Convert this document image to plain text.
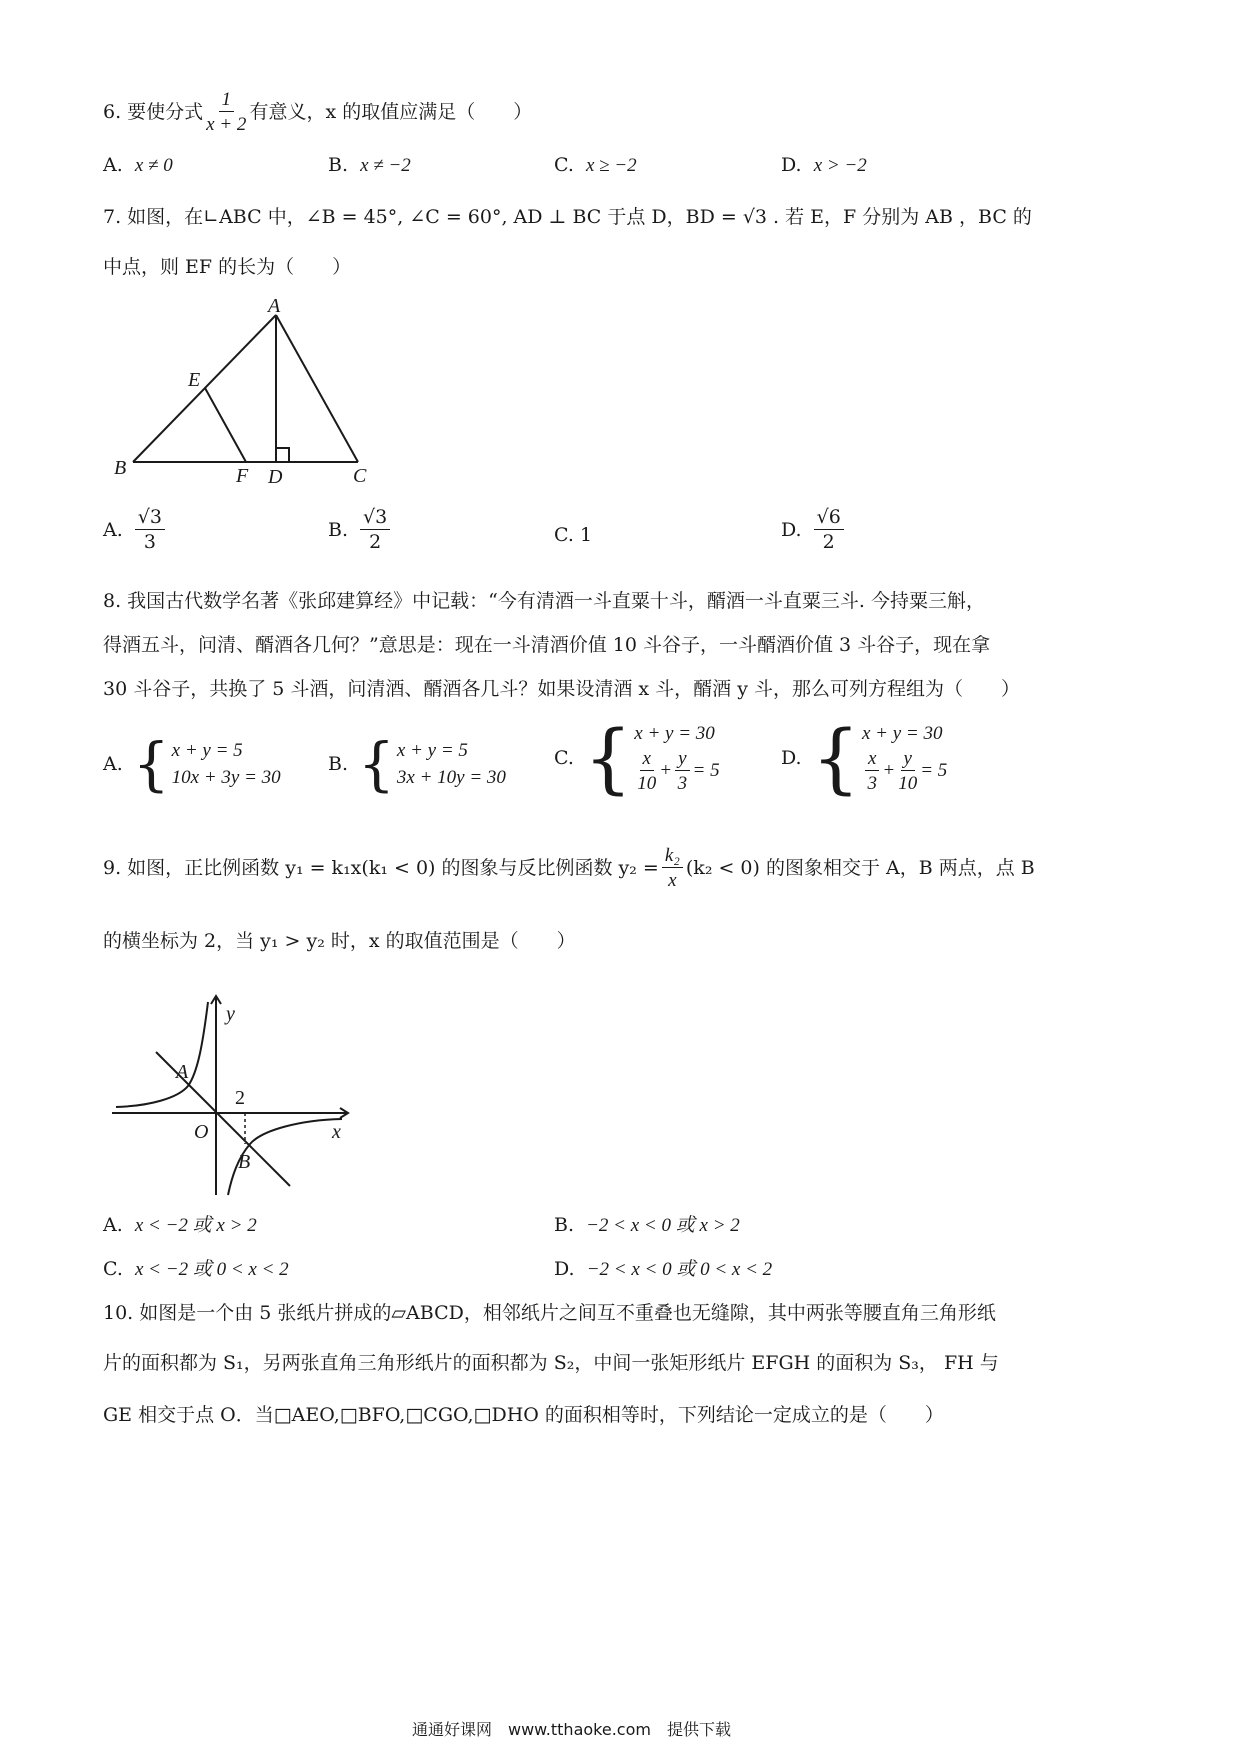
6. 要使分式 $\frac{1}{x + 2}$ 有意义，x 的取值应满足（　　）
A. x ≠ 0	B. x ≠ −2	C. x ≥ −2	D. x > −2
7. 如图，在∟ABC 中，∠B = 45°, ∠C = 60°, AD ⊥ BC 于点 D，BD = √3 . 若 E，F 分别为 AB ，BC 的
中点，则 EF 的长为（　　）
A
E
B	F D	C
A. $\frac{√3}{3}$	B. $\frac{√3}{2}$	C. 1	D. $\frac{√6}{2}$
8. 我国古代数学名著《张邱建算经》中记载：“今有清酒一斗直粟十斗，醑酒一斗直粟三斗. 今持粟三斛，
得酒五斗，问清、醑酒各几何？”意思是：现在一斗清酒价值 10 斗谷子，一斗醑酒价值 3 斗谷子，现在拿
30 斗谷子，共换了 5 斗酒，问清酒、醑酒各几斗？如果设清酒 x 斗，醑酒 y 斗，那么可列方程组为（　　）
A. { x + y = 5
10x + 3y = 30
B. { x + y = 5
3x + 10y = 30
C. { x + y = 30
$\frac{x}{10} + \frac{y}{3} = 5$
D. { x + y = 30
$\frac{x}{3} + \frac{y}{10} = 5$
9. 如图，正比例函数 y₁ = k₁x(k₁ < 0) 的图象与反比例函数 $y_2 = \frac{\text{k₂}}{x} (k_2 < 0)$ 的图象相交于 A，B 两点，点 B
的横坐标为 2，当 y₁ > y₂ 时，x 的取值范围是（　　）
y
x
O
A
B
2
A. x < −2 或 x > 2	B. −2 < x < 0 或 x > 2
C. x < −2 或 0 < x < 2	D. −2 < x < 0 或 0 < x < 2
10. 如图是一个由 5 张纸片拼成的▱ABCD，相邻纸片之间互不重叠也无缝隙，其中两张等腰直角三角形纸
片的面积都为 S₁，另两张直角三角形纸片的面积都为 S₂，中间一张矩形纸片 EFGH 的面积为 S₃， FH 与
GE 相交于点 O．当□AEO,□BFO,□CGO,□DHO 的面积相等时，下列结论一定成立的是（　　）
通通好课网　www.tthaoke.com　提供下载
